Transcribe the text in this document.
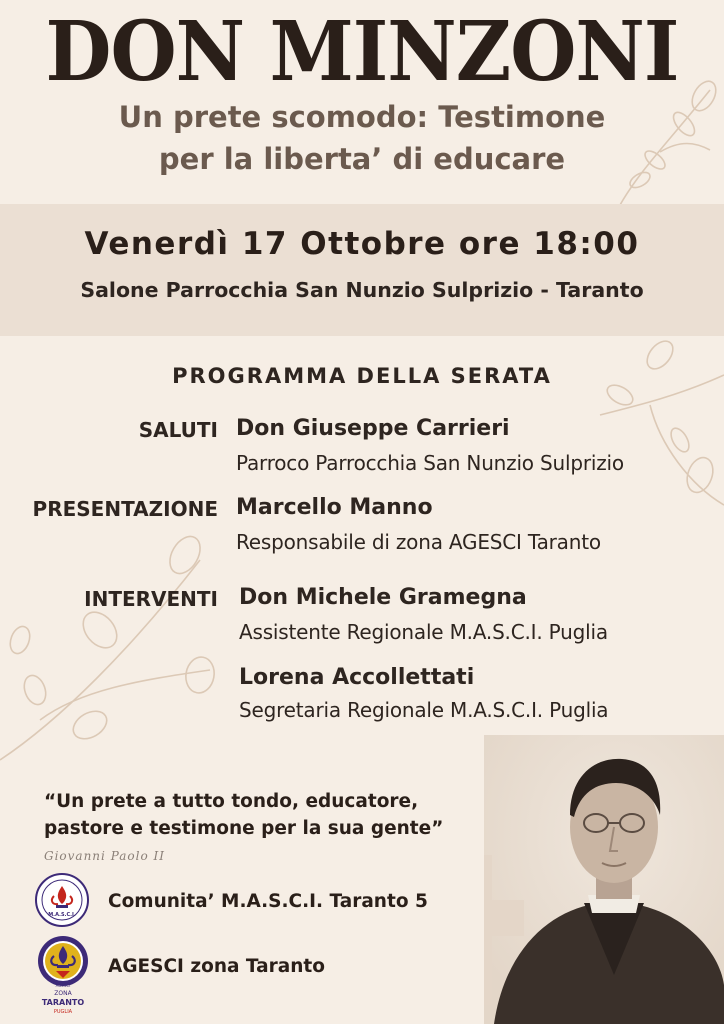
DON MINZONI
Un prete scomodo: Testimone
per la liberta’ di educare
Venerdì 17 Ottobre ore 18:00
Salone Parrocchia San Nunzio Sulprizio - Taranto
PROGRAMMA DELLA SERATA
SALUTI Don Giuseppe Carrieri
Parroco Parrocchia San Nunzio Sulprizio
PRESENTAZIONE Marcello Manno
Responsabile di zona AGESCI Taranto
INTERVENTI Don Michele Gramegna
Assistente Regionale M.A.S.C.I. Puglia
Lorena Accollettati
Segretaria Regionale M.A.S.C.I. Puglia
“Un prete a tutto tondo, educatore,
pastore e testimone per la sua gente”
Giovanni Paolo II
M.A.S.C.I.
Comunita’ M.A.S.C.I. Taranto 5
ZONA
TARANTO
PUGLIA
AGESCI
AGESCI zona Taranto
